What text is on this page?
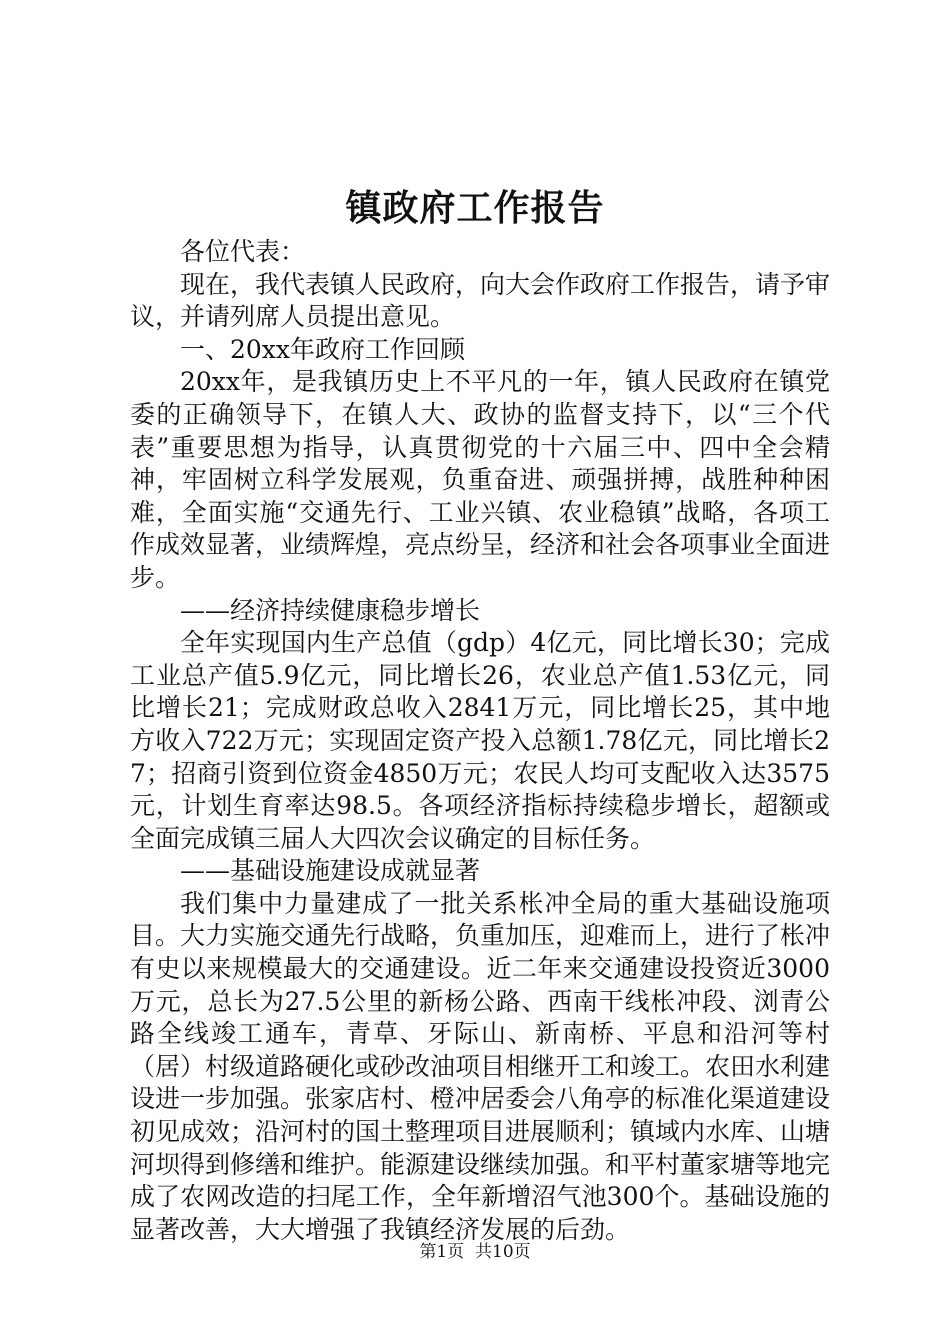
镇政府工作报告

各位代表：

现在，我代表镇人民政府，向大会作政府工作报告，请予审议，并请列席人员提出意见。

一、20xx年政府工作回顾

20xx年，是我镇历史上不平凡的一年，镇人民政府在镇党委的正确领导下，在镇人大、政协的监督支持下，以“三个代表”重要思想为指导，认真贯彻党的十六届三中、四中全会精神，牢固树立科学发展观，负重奋进、顽强拼搏，战胜种种困难，全面实施“交通先行、工业兴镇、农业稳镇”战略，各项工作成效显著，业绩辉煌，亮点纷呈，经济和社会各项事业全面进步。

——经济持续健康稳步增长

全年实现国内生产总值（gdp）4亿元，同比增长30；完成工业总产值5.9亿元，同比增长26，农业总产值1.53亿元，同比增长21；完成财政总收入2841万元，同比增长25，其中地方收入722万元；实现固定资产投入总额1.78亿元，同比增长27；招商引资到位资金4850万元；农民人均可支配收入达3575元，计划生育率达98.5。各项经济指标持续稳步增长，超额或全面完成镇三届人大四次会议确定的目标任务。

——基础设施建设成就显著

我们集中力量建成了一批关系枨冲全局的重大基础设施项目。大力实施交通先行战略，负重加压，迎难而上，进行了枨冲有史以来规模最大的交通建设。近二年来交通建设投资近3000万元，总长为27.5公里的新杨公路、西南干线枨冲段、浏青公路全线竣工通车，青草、牙际山、新南桥、平息和沿河等村（居）村级道路硬化或砂改油项目相继开工和竣工。农田水利建设进一步加强。张家店村、橙冲居委会八角亭的标准化渠道建设初见成效；沿河村的国土整理项目进展顺利；镇域内水库、山塘河坝得到修缮和维护。能源建设继续加强。和平村董家塘等地完成了农网改造的扫尾工作，全年新增沼气池300个。基础设施的显著改善，大大增强了我镇经济发展的后劲。

第1页 共10页
